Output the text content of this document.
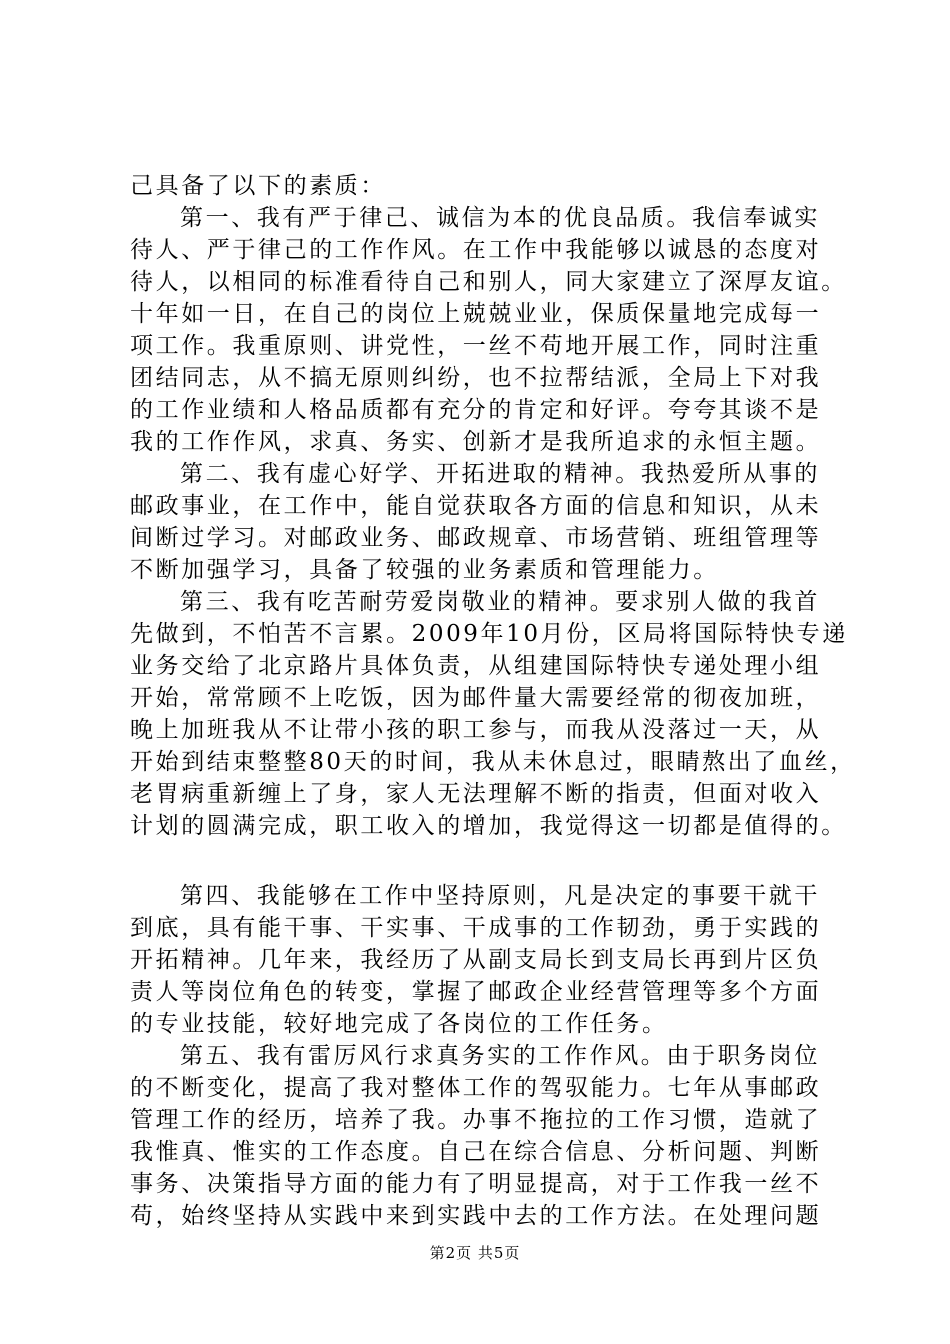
己具备了以下的素质：
第一、我有严于律己、诚信为本的优良品质。我信奉诚实
待人、严于律己的工作作风。在工作中我能够以诚恳的态度对
待人，以相同的标准看待自己和别人，同大家建立了深厚友谊。
十年如一日，在自己的岗位上兢兢业业，保质保量地完成每一
项工作。我重原则、讲党性，一丝不苟地开展工作，同时注重
团结同志，从不搞无原则纠纷，也不拉帮结派，全局上下对我
的工作业绩和人格品质都有充分的肯定和好评。夸夸其谈不是
我的工作作风，求真、务实、创新才是我所追求的永恒主题。
第二、我有虚心好学、开拓进取的精神。我热爱所从事的
邮政事业，在工作中，能自觉获取各方面的信息和知识，从未
间断过学习。对邮政业务、邮政规章、市场营销、班组管理等
不断加强学习，具备了较强的业务素质和管理能力。
第三、我有吃苦耐劳爱岗敬业的精神。要求别人做的我首
先做到，不怕苦不言累。2009年10月份，区局将国际特快专递
业务交给了北京路片具体负责，从组建国际特快专递处理小组
开始，常常顾不上吃饭，因为邮件量大需要经常的彻夜加班，
晚上加班我从不让带小孩的职工参与，而我从没落过一天，从
开始到结束整整80天的时间，我从未休息过，眼睛熬出了血丝，
老胃病重新缠上了身，家人无法理解不断的指责，但面对收入
计划的圆满完成，职工收入的增加，我觉得这一切都是值得的。
第四、我能够在工作中坚持原则，凡是决定的事要干就干
到底，具有能干事、干实事、干成事的工作韧劲，勇于实践的
开拓精神。几年来，我经历了从副支局长到支局长再到片区负
责人等岗位角色的转变，掌握了邮政企业经营管理等多个方面
的专业技能，较好地完成了各岗位的工作任务。
第五、我有雷厉风行求真务实的工作作风。由于职务岗位
的不断变化，提高了我对整体工作的驾驭能力。七年从事邮政
管理工作的经历，培养了我。办事不拖拉的工作习惯，造就了
我惟真、惟实的工作态度。自己在综合信息、分析问题、判断
事务、决策指导方面的能力有了明显提高，对于工作我一丝不
苟，始终坚持从实践中来到实践中去的工作方法。在处理问题
第2页 共5页
